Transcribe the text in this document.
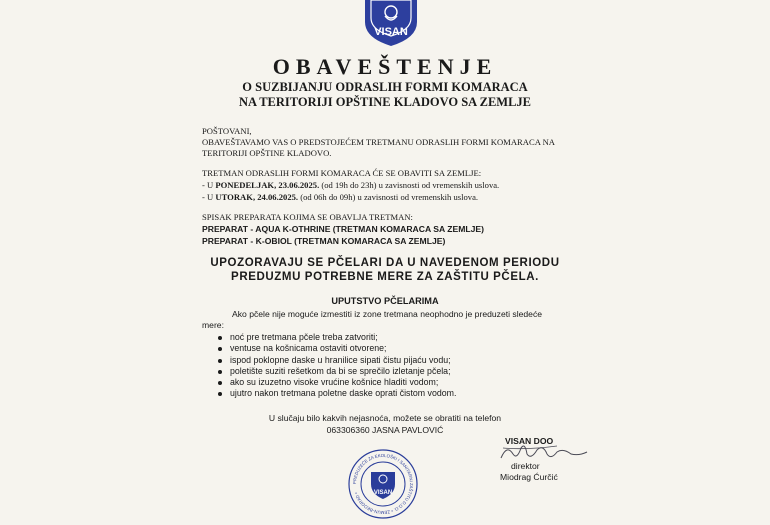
VISAN
OBAVEŠTENJE
O SUZBIJANJU ODRASLIH FORMI KOMARACA
NA TERITORIJI OPŠTINE KLADOVO SA ZEMLJE
POŠTOVANI,
OBAVEŠTAVAMO VAS O PREDSTOJEĆEM TRETMANU ODRASLIH FORMI KOMARACA NA
TERITORIJI OPŠTINE KLADOVO.
TRETMAN ODRASLIH FORMI KOMARACA ĆE SE OBAVITI SA ZEMLJE:
- U PONEDELJAK, 23.06.2025. (od 19h do 23h) u zavisnosti od vremenskih uslova.
- U UTORAK, 24.06.2025. (od 06h do 09h) u zavisnosti od vremenskih uslova.
SPISAK PREPARATA KOJIMA SE OBAVLJA TRETMAN:
PREPARAT - AQUA K-OTHRINE (TRETMAN KOMARACA SA ZEMLJE)
PREPARAT - K-OBIOL (TRETMAN KOMARACA SA ZEMLJE)
UPOZORAVAJU SE PČELARI DA U NAVEDENOM PERIODU
PREDUZMU POTREBNE MERE ZA ZAŠTITU PČELA.
UPUTSTVO PČELARIMA
Ako pčele nije moguće izmestiti iz zone tretmana neophodno je preduzeti sledeće
mere:
noć pre tretmana pčele treba zatvoriti;
ventuse na košnicama ostaviti otvorene;
ispod poklopne daske u hranilice sipati čistu pijaću vodu;
poletište suziti rešetkom da bi se sprečilo izletanje pčela;
ako su izuzetno visoke vrućine košnice hladiti vodom;
ujutro nakon tretmana poletne daske oprati čistom vodom.
U slučaju bilo kakvih nejasnoća, možete se obratiti na telefon
063306360 JASNA PAVLOVIĆ
VISAN DOO
direktor
Miodrag Ćurčić
PREDUZEĆE ZA EKOLOŠKI I SANITARNI ZAŠTITU D.O.O. • ZEMUN-BEOGRAD •	VISAN
